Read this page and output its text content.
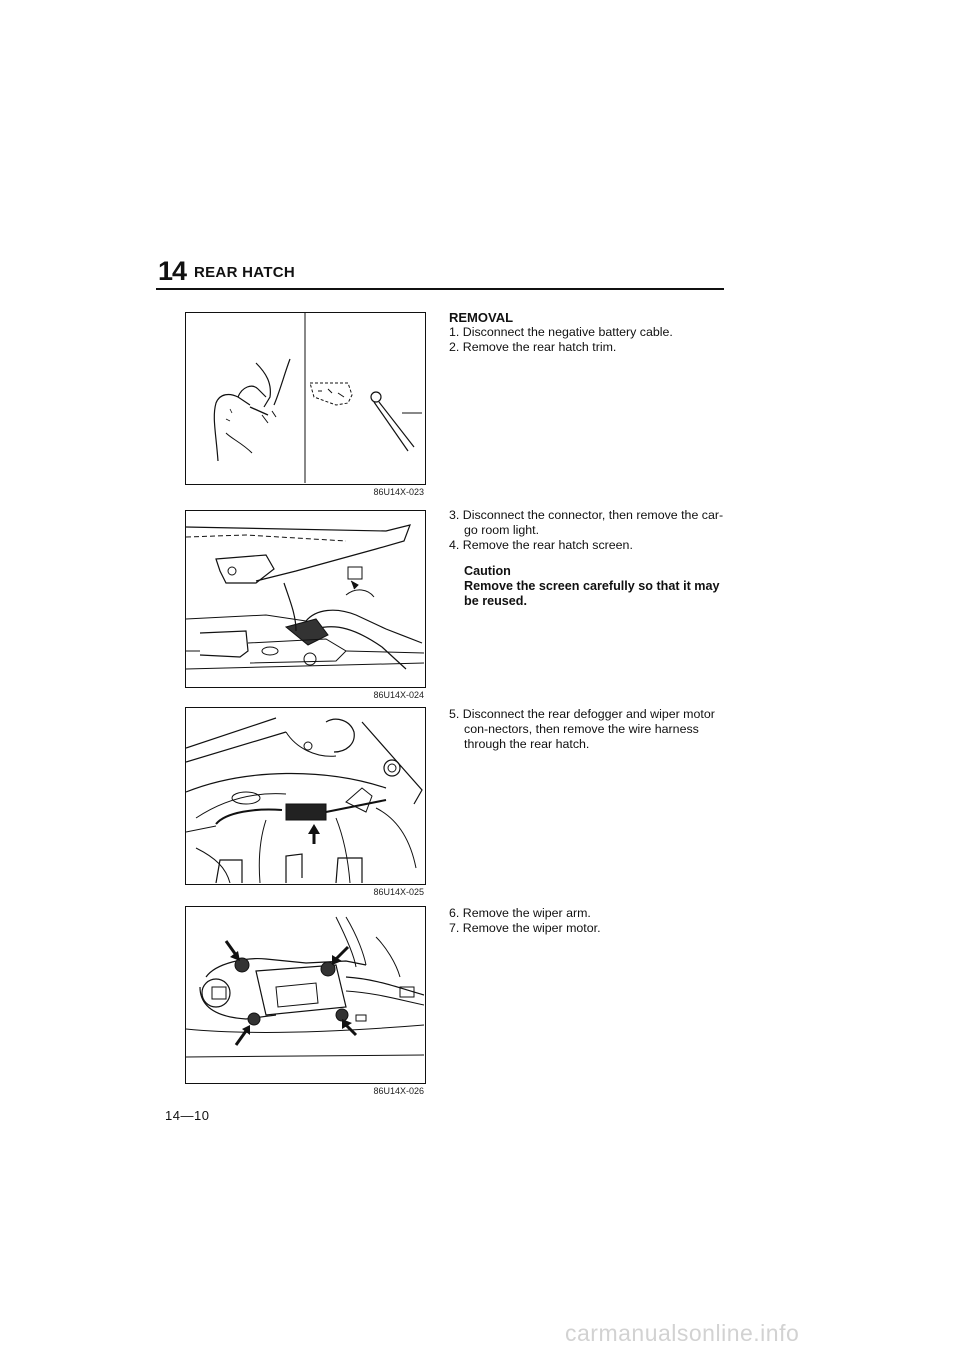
14 REAR HATCH
86U14X-023
86U14X-024
86U14X-025
86U14X-026
REMOVAL

1. Disconnect the negative battery cable.

2. Remove the rear hatch trim.

3. Disconnect the connector, then remove the car-go room light.

4. Remove the rear hatch screen.

Caution
Remove the screen carefully so that it may be reused.

5. Disconnect the rear defogger and wiper motor con-nectors, then remove the wire harness through the rear hatch.

6. Remove the wiper arm.

7. Remove the wiper motor.

14—10
carmanualsonline.info
